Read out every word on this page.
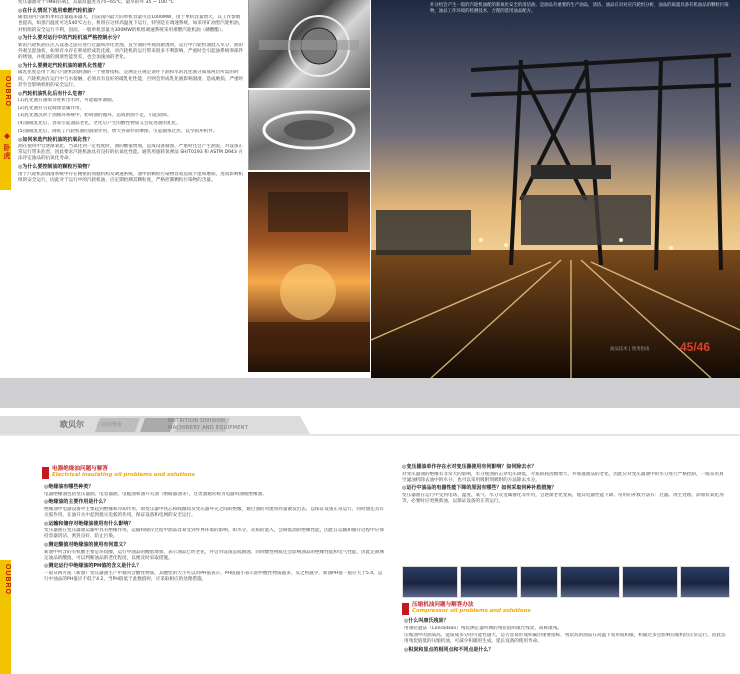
变压器油对于TMB(轻载)，其最高温度为75~65℃，最早的外 35 ~ 100 °C
◎在什么情况下选用难燃汽轮机油？
随着国内汽轮机单机容量越来越大，目前国内最大的单机容量可达1000MW，由于单机容量增大，其工作参数也提高，如蒸汽温度可达540℃左右，机组在这样高温度下运行，特别是在调速系统，如采用矿油型汽轮机油，对机组的安全运行不利，因而，一般单机容量为300MW的机组调速系统采用难燃汽轮机油（磷酸酯）。
◎为什么要对运行中的汽轮机油严格控制水分？
新的汽轮机油在注入设备之前应进行过滤和净化处理，直至油的外观清澈透明。运行中汽轮机油混入水分，油的外观呈混浊状，如果有水存在则易形成乳化液，对汽轮机的运行带来很多不利影响，严重时会引起油系统零部件的锈蚀，并使油的润滑性能变差，也会加速油的老化。
◎为什么要测定汽轮机油的破乳化性能？
破乳化度是用于蒸汽汽轮机润滑油的一个重要指标，是测定在规定条件下油和水的乳化液分离成两层所需的时间，汽轮机油在运行中与水接触，必须具有良好的破乳化性能，否则会形成乳化液影响润滑，造成磨损，严重时甚至会影响机组的安全运行。
◎汽轮机油乳化后有什么危害？
[1]乳化液在轴承等处析出水时，可能破坏油膜。
[2]乳化液有引起腐蚀金属作用。
[3]乳化液沉积于油循环系统中，妨碍油的循环，造成供油不足，引起故障。
[4]油破乳化后，容易引起油品老化，老化后产生的酸性物质又会促进油的乳化。
[5]油破乳化后，降低了汽轮机油的润滑作用，增大各部件的摩擦，引起轴承过热，以至损坏机件。
◎如何来选汽轮机油的抗氧化性？
油在使用中会逐渐氧化，当氧化到一定程度时，油的酸值增加，造成设备腐蚀，严重时还会产生油泥，对设备正常运行带来危害，因此要求汽轮机油具有良好的抗氧化性能。通常用旋转氧弹法 SH/T0193 和 ASTM D943 方法评定油品的抗氧化寿命。
◎为什么要控制油的颗粒污染物？
由于汽轮机油润滑系统中存在精密的伺服机构及调速系统，油中的颗粒污染物容易造成卡涩和磨损，进而影响机组的安全运行，因此对于运行中的汽轮机油，应定期检测其颗粒度，严格控制颗粒污染物的含量。
OUBRO
◆ 卧虎
扑分机会产生一般的汽轮机油配的新氧化安全的清洁油，是油品有重要的生产油品，清洁、油品在对对应汽轮机分析，油品的质量具备有机油品的颗粒污染物，油品工作环境的检测技术，合理的选用油品配方。
油品技术 | 使用指南	45/46
欧贝尔 工业润滑油
NUTRITION DIVISION
MACHINERY AND EQUIPMENT
OUBRO
电器绝缘油问题与解答
Electrical insulating oil problems and solutions
◎绝缘油有哪些种类？
电器绝缘油包括变压器油、电容器油、电缆油和油开关油（断路器油等），这类油通常称为电器用油或绝缘油。
◎绝缘油的主要作用是什么？
绝缘油中电器设备中主要起到绝缘和冷却作用，如变压器中铁芯和线圈间及变压器外壳之间的绝缘，通过油的对流将热量散发出去，以保证设备正常运行，同时油还具有灭弧作用，在油开关中起到熄灭电弧的作用，保证设备和电网的安全运行。
◎运输和储存对绝缘油使用有什么影响？
变压器油在变压器油运输中具有绝缘作用，运输和储存过程中油品容易受到外界环境的影响，如水分、杂质的混入，会降低油的绝缘性能，因此在运输和储存过程中应保持容器清洁、密封良好，防止污染。
◎测定酸值对绝缘油的使用有何意义？
新油中所含的有机酸主要是环烷酸，运行中油品的酸值增加，表示油品已经老化，并会对设备造成腐蚀，同时酸性物质还会影响油品的绝缘性能和电气性能，因此定期测定油品的酸值，可以判断油品的老化程度，以便及时采取措施。
◎测定运行中绝缘油的PH值的含义是什么？
一般从两方面（新油）变压器油生产中通常含酸性物质，其酸性的大小可以用PH值表示，PH值越小表示油中酸性物质越多，反之则越少，新油PH值一般应大于5.4，运行中油品的PH值应不低于4.2，当PH值低于此数值时，应采取相应的处理措施。
◎变压器油单作存在水对变压器使用有何影响？如何除去水？
对变压器油的绝缘有非常大的影响，水分使油的击穿电压降低，介质损耗因数增大，并加速油品的老化，因此应对变压器油中的水分进行严格控制，一般采用真空滤油机除去油中的水分，也可以采用吸附剂吸附的方法除去水分。
◎运行中油品的电器性能下降的原因有哪些？如何采取何种补救措施？
变压器油在运行中受到电场、温度、氧气、水分及金属催化等作用，会逐渐老化变质，使其电器性能下降。常用的补救方法有：过滤、再生处理、添加抗氧化剂等，必要时应更换新油，以保证设备的正常运行。
压缩机油问题与解答办法
Compressor oil problems and solutions
◎什么叫康氏残炭？
用康拉逊法（Conradson）残炭测定器所测的残炭值叫康氏残炭，简称康残。
压缩油中的油质高，能质成多分的可能性越大，是否容易形成积碳的重要指标，残炭高的油品在高温下易形成积碳，积碳过多会影响压缩机的正常运行，因此选用残炭值低的压缩机油，可减少积碳的生成，延长设备的使用寿命。
◎积炭和显点的相同点和不同点是什么？
